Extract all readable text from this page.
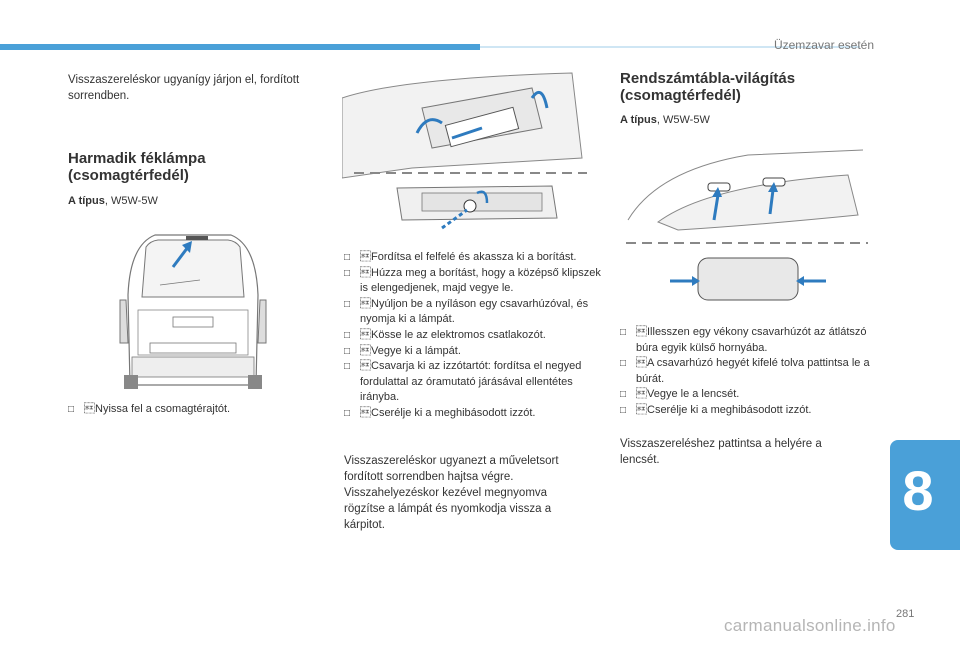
Üzemzavar esetén

Visszaszereléskor ugyanígy járjon el, fordított sorrendben.

Harmadik féklámpa (csomagtérfedél)
A típus, W5W-5W
 □ Nyissa fel a csomagtérajtót.
 □ Fordítsa el felfelé és akassza ki a borítást.
 □ Húzza meg a borítást, hogy a középső klipszek is elengedjenek, majd vegye le.
 □ Nyúljon be a nyíláson egy csavarhúzóval, és nyomja ki a lámpát.
 □ Kösse le az elektromos csatlakozót.
 □ Vegye ki a lámpát.
 □ Csavarja ki az izzótartót: fordítsa el negyed fordulattal az óramutató járásával ellentétes irányba.
 □ Cserélje ki a meghibásodott izzót.

Visszaszereléskor ugyanezt a műveletsort fordított sorrendben hajtsa végre. Visszahelyezéskor kezével megnyomva rögzítse a lámpát és nyomkodja vissza a kárpitot.

Rendszámtábla-világítás (csomagtérfedél)
A típus, W5W-5W
 □ Illesszen egy vékony csavarhúzót az átlátszó búra egyik külső hornyába.
 □ A csavarhúzó hegyét kifelé tolva pattintsa le a búrát.
 □ Vegye le a lencsét.
 □ Cserélje ki a meghibásodott izzót.

Visszaszereléshez pattintsa a helyére a lencsét.	8
281
carmanualsonline.info
